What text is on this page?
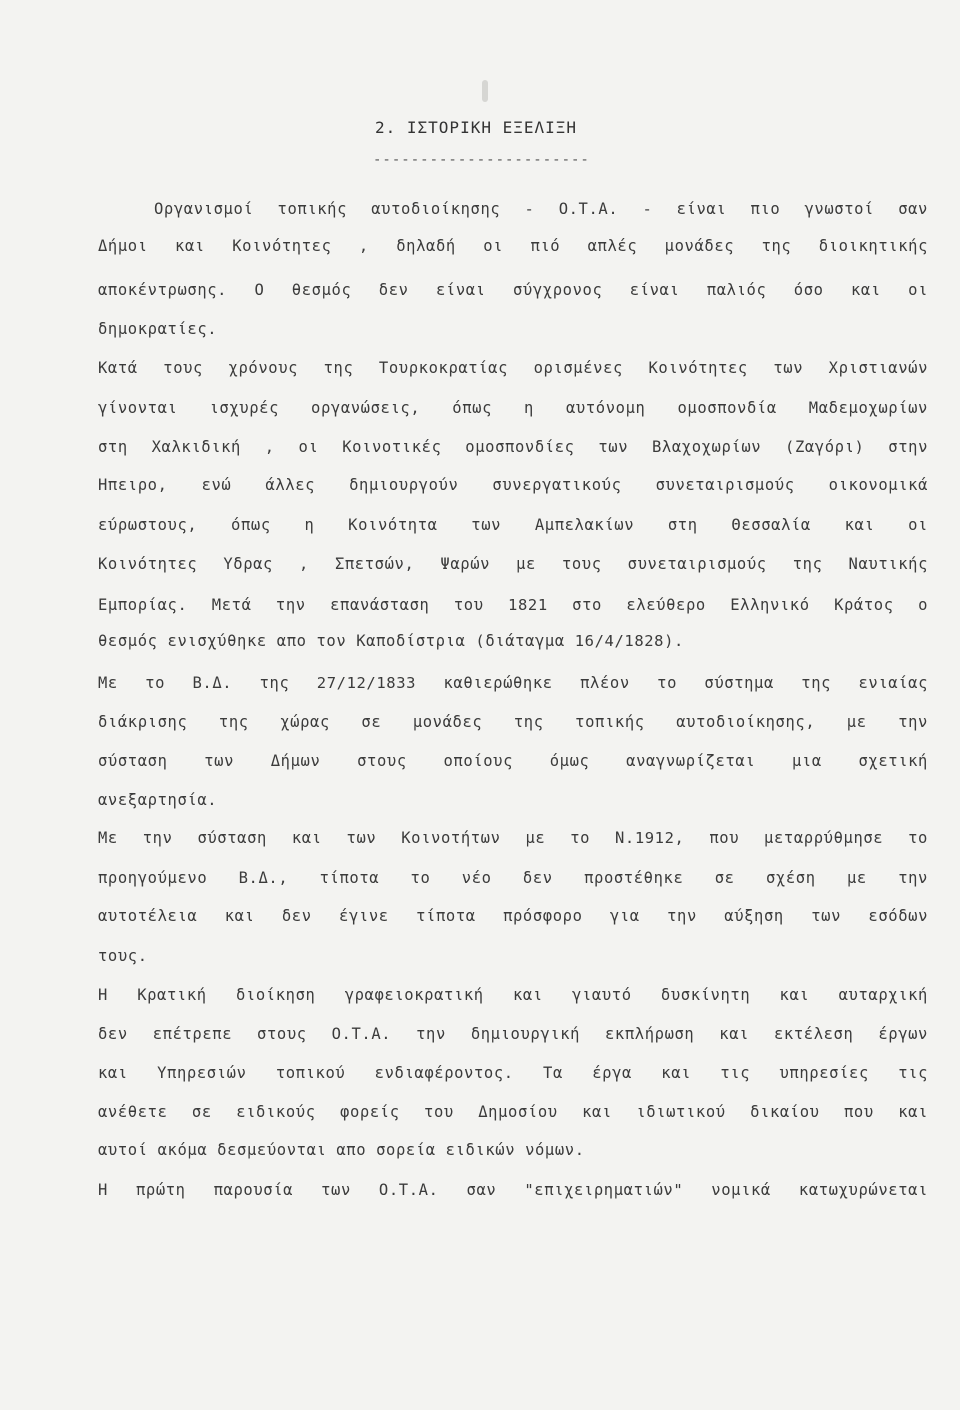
2. ΙΣΤΟΡΙΚΗ ΕΞΕΛΙΞΗ
-----------------------
Οργανισμοί τοπικής αυτοδιοίκησης - Ο.Τ.Α. - είναι πιο γνωστοί σαν
Δήμοι και Κοινότητες , δηλαδή οι πιό απλές μονάδες της διοικητικής
αποκέντρωσης. Ο θεσμός δεν είναι σύγχρονος είναι παλιός όσο και οι
δημοκρατίες.
Κατά τους χρόνους της Τουρκοκρατίας ορισμένες Κοινότητες των Χριστιανών
γίνονται ισχυρές οργανώσεις, όπως η αυτόνομη ομοσπονδία Μαδεμοχωρίων
στη Χαλκιδική , οι Κοινοτικές ομοσπονδίες των Βλαχοχωρίων (Ζαγόρι) στην
Ηπειρο, ενώ άλλες δημιουργούν συνεργατικούς συνεταιρισμούς οικονομικά
εύρωστους, όπως η Κοινότητα των Αμπελακίων στη Θεσσαλία και οι
Κοινότητες Υδρας , Σπετσών, Ψαρών με τους συνεταιρισμούς της Ναυτικής
Εμπορίας. Μετά την επανάσταση του 1821 στο ελεύθερο Ελληνικό Κράτος ο
θεσμός ενισχύθηκε απο τον Καποδίστρια (διάταγμα 16/4/1828).
Με το Β.Δ. της 27/12/1833 καθιερώθηκε πλέον το σύστημα της ενιαίας
διάκρισης της χώρας σε μονάδες της τοπικής αυτοδιοίκησης, με την
σύσταση των Δήμων στους οποίους όμως αναγνωρίζεται μια σχετική
ανεξαρτησία.
Με την σύσταση και των Κοινοτήτων με το Ν.1912, που μεταρρύθμησε το
προηγούμενο Β.Δ., τίποτα το νέο δεν προστέθηκε σε σχέση με την
αυτοτέλεια και δεν έγινε τίποτα πρόσφορο για την αύξηση των εσόδων
τους.
Η Κρατική διοίκηση γραφειοκρατική και γιαυτό δυσκίνητη και αυταρχική
δεν επέτρεπε στους Ο.Τ.Α. την δημιουργική εκπλήρωση και εκτέλεση έργων
και Υπηρεσιών τοπικού ενδιαφέροντος. Τα έργα και τις υπηρεσίες τις
ανέθετε σε ειδικούς φορείς του Δημοσίου και ιδιωτικού δικαίου που και
αυτοί ακόμα δεσμεύονται απο σορεία ειδικών νόμων.
Η πρώτη παρουσία των Ο.Τ.Α. σαν "επιχειρηματιών" νομικά κατωχυρώνεται
